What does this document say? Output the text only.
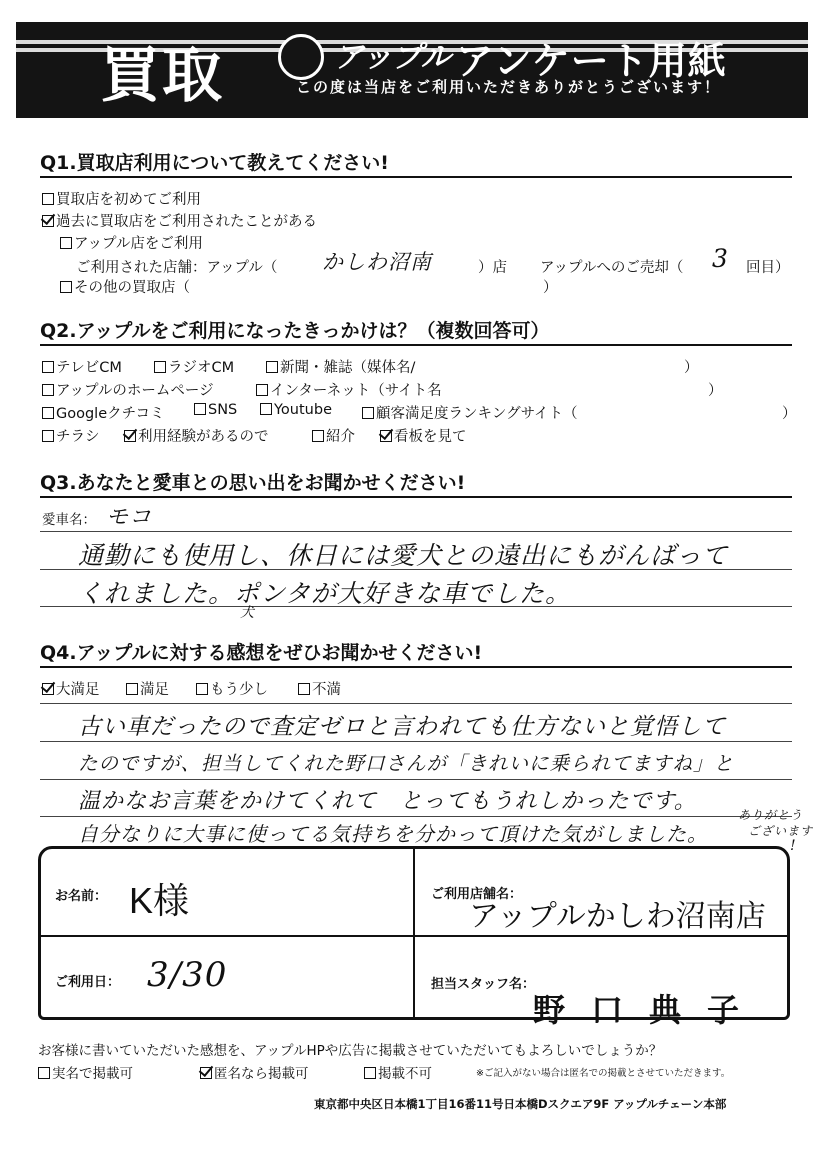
買取	アップル アンケート用紙
この度は当店をご利用いただきありがとうございます！
Q1.買取店利用について教えてください!
買取店を初めてご利用
過去に買取店をご利用されたことがある
アップル店をご利用
ご利用された店舗：アップル（ かしわ沼南	）店 アップルへのご売却（ 3 回目）
その他の買取店（	）
Q2.アップルをご利用になったきっかけは？（複数回答可）
テレビCM	ラジオCM	新聞・雑誌（媒体名/	）
アップルのホームページ	インターネット（サイト名	）
Googleクチコミ	SNS	Youtube	顧客満足度ランキングサイト（	）
チラシ	利用経験があるので	紹介	看板を見て
Q3.あなたと愛車との思い出をお聞かせください!
愛車名： モコ
通勤にも使用し、休日には愛犬との遠出にもがんばって
くれました。ポンタが大好きな車でした。
犬
Q4.アップルに対する感想をぜひお聞かせください!
大満足	満足	もう少し	不満
古い車だったので査定ゼロと言われても仕方ないと覚悟して
たのですが、担当してくれた野口さんが「きれいに乗られてますね」と
温かなお言葉をかけてくれて　とってもうれしかったです。
自分なりに大事に使ってる気持ちを分かって頂けた気がしました。
ありがとう
ございます
!
お名前： K様	ご利用店舗名：
アップルかしわ沼南店
ご利用日： 3/30	担当スタッフ名：
野口典子
お客様に書いていただいた感想を、アップルHPや広告に掲載させていただいてもよろしいでしょうか？
実名で掲載可	匿名なら掲載可	掲載不可	※ご記入がない場合は匿名での掲載とさせていただきます。
東京都中央区日本橋1丁目16番11号日本橋Dスクエア9F アップルチェーン本部
